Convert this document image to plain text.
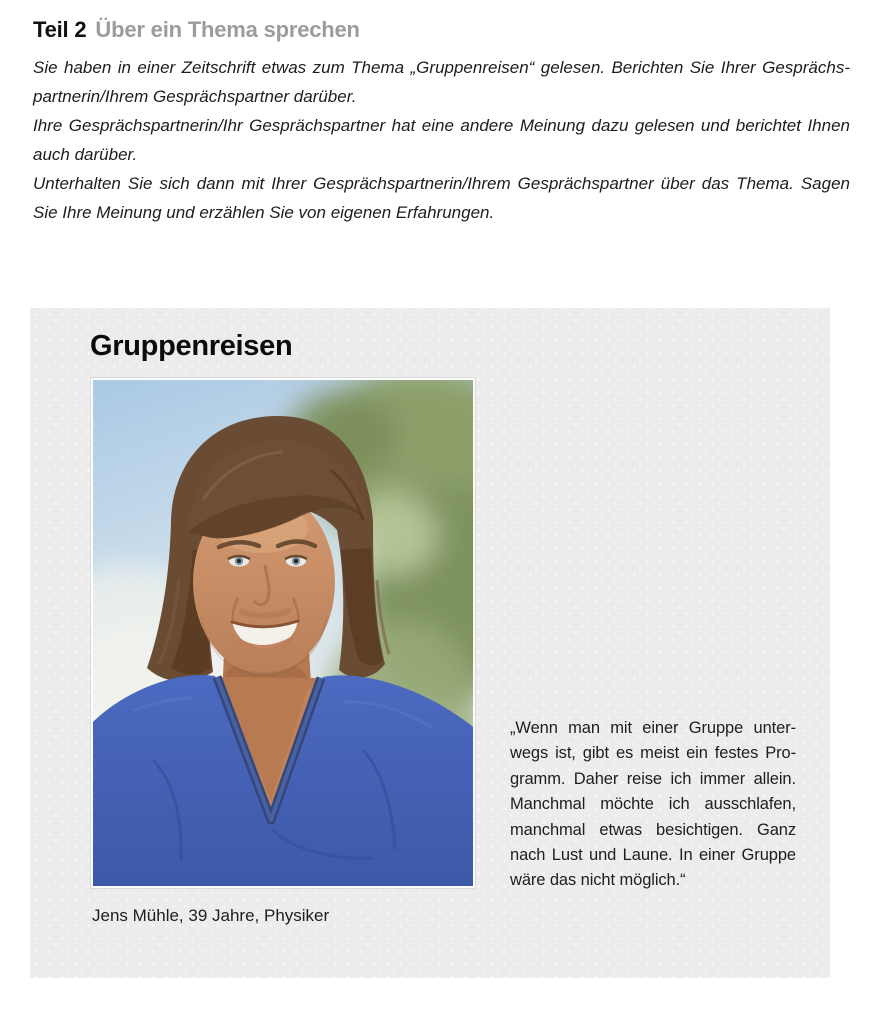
Teil 2 Über ein Thema sprechen
Sie haben in einer Zeitschrift etwas zum Thema „Gruppenreisen“ gelesen. Berichten Sie Ihrer Gesprächs-
partnerin/Ihrem Gesprächspartner darüber.
Ihre Gesprächspartnerin/Ihr Gesprächspartner hat eine andere Meinung dazu gelesen und berichtet Ihnen
auch darüber.
Unterhalten Sie sich dann mit Ihrer Gesprächspartnerin/Ihrem Gesprächspartner über das Thema. Sagen
Sie Ihre Meinung und erzählen Sie von eigenen Erfahrungen.
Gruppenreisen
„Wenn man mit einer Gruppe unter-
wegs ist, gibt es meist ein festes Pro-
gramm. Daher reise ich immer allein.
Manchmal möchte ich ausschlafen,
manchmal etwas besichtigen. Ganz
nach Lust und Laune. In einer Gruppe
wäre das nicht möglich.“
Jens Mühle, 39 Jahre, Physiker
